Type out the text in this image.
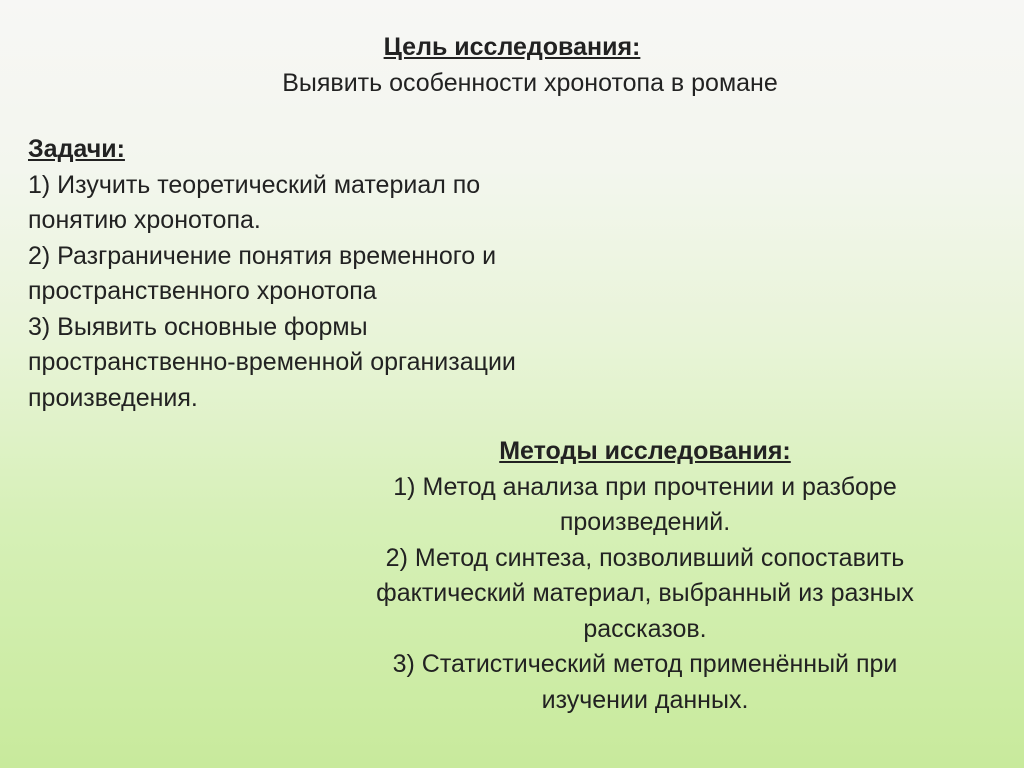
Цель исследования:
Выявить особенности хронотопа в романе
Задачи:
1) Изучить теоретический материал по
понятию хронотопа.
2) Разграничение понятия временного и
пространственного хронотопа
3) Выявить основные формы
пространственно-временной организации
произведения.
Методы исследования:
1) Метод анализа при прочтении и разборе
произведений.
2) Метод синтеза, позволивший сопоставить
фактический материал, выбранный из разных
рассказов.
3) Статистический метод применённый при
изучении данных.
